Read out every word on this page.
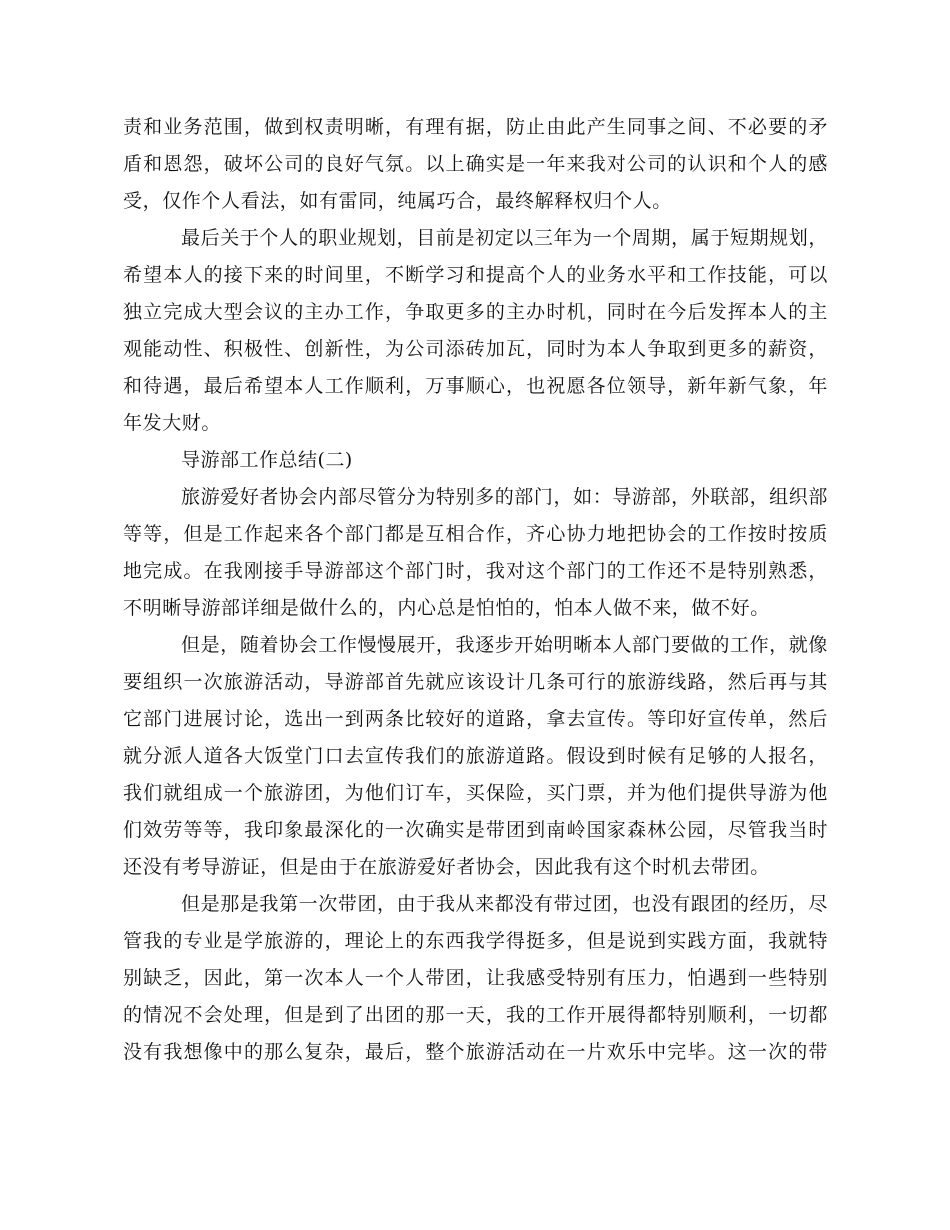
责和业务范围，做到权责明晰，有理有据，防止由此产生同事之间、不必要的矛
盾和恩怨，破坏公司的良好气氛。以上确实是一年来我对公司的认识和个人的感
受，仅作个人看法，如有雷同，纯属巧合，最终解释权归个人。
最后关于个人的职业规划，目前是初定以三年为一个周期，属于短期规划，
希望本人的接下来的时间里，不断学习和提高个人的业务水平和工作技能，可以
独立完成大型会议的主办工作，争取更多的主办时机，同时在今后发挥本人的主
观能动性、积极性、创新性，为公司添砖加瓦，同时为本人争取到更多的薪资，
和待遇，最后希望本人工作顺利，万事顺心，也祝愿各位领导，新年新气象，年
年发大财。
导游部工作总结(二)
旅游爱好者协会内部尽管分为特别多的部门，如：导游部，外联部，组织部
等等，但是工作起来各个部门都是互相合作，齐心协力地把协会的工作按时按质
地完成。在我刚接手导游部这个部门时，我对这个部门的工作还不是特别熟悉，
不明晰导游部详细是做什么的，内心总是怕怕的，怕本人做不来，做不好。
但是，随着协会工作慢慢展开，我逐步开始明晰本人部门要做的工作，就像
要组织一次旅游活动，导游部首先就应该设计几条可行的旅游线路，然后再与其
它部门进展讨论，选出一到两条比较好的道路，拿去宣传。等印好宣传单，然后
就分派人道各大饭堂门口去宣传我们的旅游道路。假设到时候有足够的人报名，
我们就组成一个旅游团，为他们订车，买保险，买门票，并为他们提供导游为他
们效劳等等，我印象最深化的一次确实是带团到南岭国家森林公园，尽管我当时
还没有考导游证，但是由于在旅游爱好者协会，因此我有这个时机去带团。
但是那是我第一次带团，由于我从来都没有带过团，也没有跟团的经历，尽
管我的专业是学旅游的，理论上的东西我学得挺多，但是说到实践方面，我就特
别缺乏，因此，第一次本人一个人带团，让我感受特别有压力，怕遇到一些特别
的情况不会处理，但是到了出团的那一天，我的工作开展得都特别顺利，一切都
没有我想像中的那么复杂，最后，整个旅游活动在一片欢乐中完毕。这一次的带
